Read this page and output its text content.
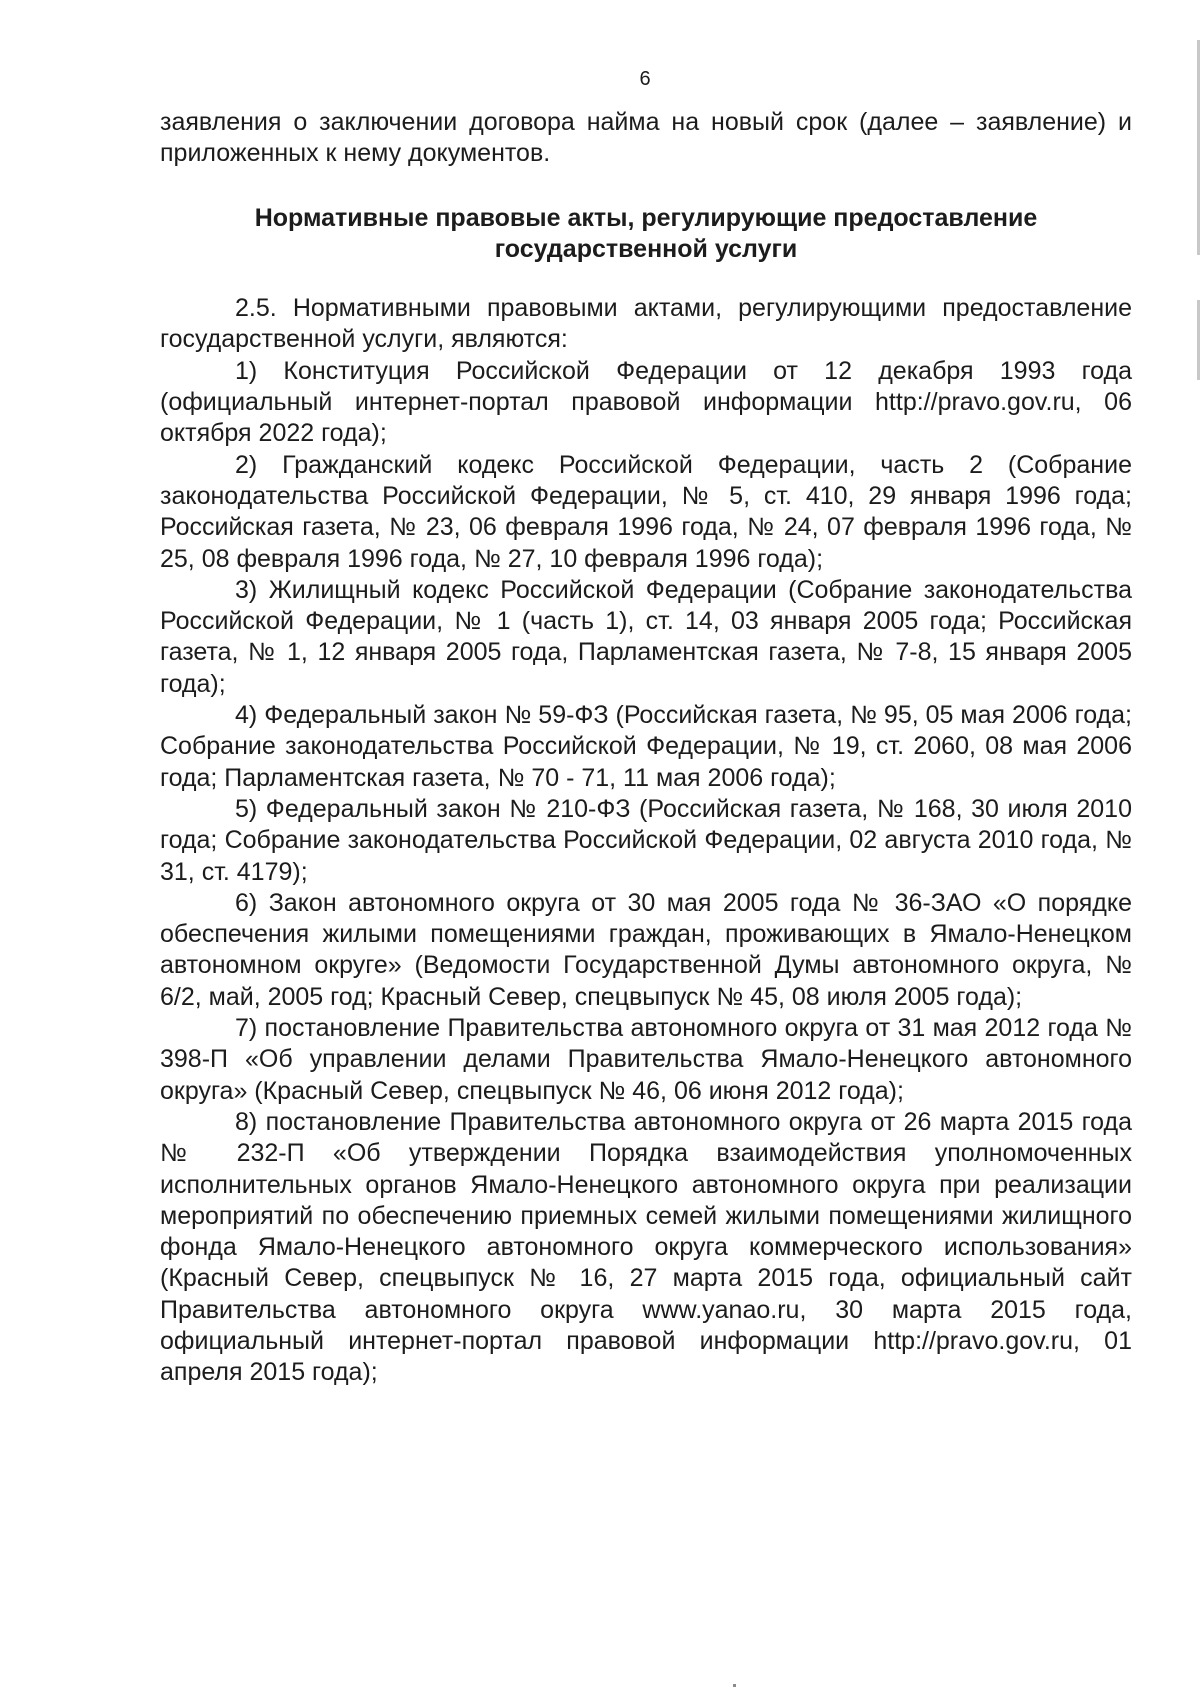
6

заявления о заключении договора найма на новый срок (далее – заявление) и приложенных к нему документов.

Нормативные правовые акты, регулирующие предоставление государственной услуги

2.5. Нормативными правовыми актами, регулирующими предоставление государственной услуги, являются:

1) Конституция Российской Федерации от 12 декабря 1993 года (официальный интернет-портал правовой информации http://pravo.gov.ru, 06 октября 2022 года);

2) Гражданский кодекс Российской Федерации, часть 2 (Собрание законодательства Российской Федерации, № 5, ст. 410, 29 января 1996 года; Российская газета, № 23, 06 февраля 1996 года, № 24, 07 февраля 1996 года, № 25, 08 февраля 1996 года, № 27, 10 февраля 1996 года);

3) Жилищный кодекс Российской Федерации (Собрание законодательства Российской Федерации, № 1 (часть 1), ст. 14, 03 января 2005 года; Российская газета, № 1, 12 января 2005 года, Парламентская газета, № 7-8, 15 января 2005 года);

4) Федеральный закон № 59-ФЗ (Российская газета, № 95, 05 мая 2006 года; Собрание законодательства Российской Федерации, № 19, ст. 2060, 08 мая 2006 года; Парламентская газета, № 70 - 71, 11 мая 2006 года);

5) Федеральный закон № 210-ФЗ (Российская газета, № 168, 30 июля 2010 года; Собрание законодательства Российской Федерации, 02 августа 2010 года, № 31, ст. 4179);

6) Закон автономного округа от 30 мая 2005 года № 36-ЗАО «О порядке обеспечения жилыми помещениями граждан, проживающих в Ямало-Ненецком автономном округе» (Ведомости Государственной Думы автономного округа, № 6/2, май, 2005 год; Красный Север, спецвыпуск № 45, 08 июля 2005 года);

7) постановление Правительства автономного округа от 31 мая 2012 года № 398-П «Об управлении делами Правительства Ямало-Ненецкого автономного округа» (Красный Север, спецвыпуск № 46, 06 июня 2012 года);

8) постановление Правительства автономного округа от 26 марта 2015 года № 232-П «Об утверждении Порядка взаимодействия уполномоченных исполнительных органов Ямало-Ненецкого автономного округа при реализации мероприятий по обеспечению приемных семей жилыми помещениями жилищного фонда Ямало-Ненецкого автономного округа коммерческого использования» (Красный Север, спецвыпуск № 16, 27 марта 2015 года, официальный сайт Правительства автономного округа www.yanao.ru, 30 марта 2015 года, официальный интернет-портал правовой информации http://pravo.gov.ru, 01 апреля 2015 года);
